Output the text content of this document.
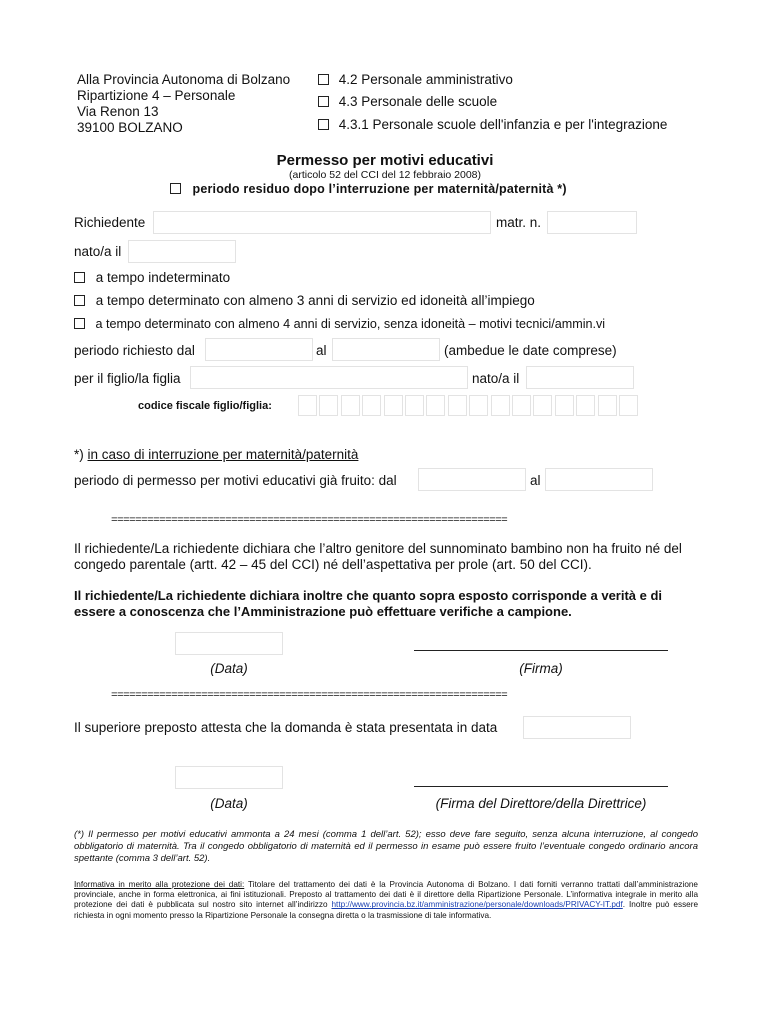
Alla Provincia Autonoma di Bolzano
Ripartizione 4 – Personale
Via Renon 13
39100 BOLZANO
4.2 Personale amministrativo
4.3 Personale delle scuole
4.3.1 Personale scuole dell'infanzia e per l'integrazione
Permesso per motivi educativi
(articolo 52 del CCI del 12 febbraio 2008)
periodo residuo dopo l’interruzione per maternità/paternità *)
Richiedente	matr. n.
nato/a il
a tempo indeterminato
a tempo determinato con almeno 3 anni di servizio ed idoneità all’impiego
a tempo determinato con almeno 4 anni di servizio, senza idoneità – motivi tecnici/ammin.vi
periodo richiesto dal	al	(ambedue le date comprese)
per il figlio/la figlia	nato/a il
codice fiscale figlio/figlia:
*) in caso di interruzione per maternità/paternità
periodo di permesso per motivi educativi già fruito: dal	al
==================================================================
Il richiedente/La richiedente dichiara che l’altro genitore del sunnominato bambino non ha fruito né del congedo parentale (artt. 42 – 45 del CCI) né dell’aspettativa per prole (art. 50 del CCI).
Il richiedente/La richiedente dichiara inoltre che quanto sopra esposto corrisponde a verità e di essere a conoscenza che l’Amministrazione può effettuare verifiche a campione.
(Data)	(Firma)
==================================================================
Il superiore preposto attesta che la domanda è stata presentata in data
(Data)	(Firma del Direttore/della Direttrice)
(*) Il permesso per motivi educativi ammonta a 24 mesi (comma 1 dell’art. 52); esso deve fare seguito, senza alcuna interruzione, al congedo obbligatorio di maternità. Tra il congedo obbligatorio di maternità ed il permesso in esame può essere fruito l’eventuale congedo ordinario ancora spettante (comma 3 dell’art. 52).
Informativa in merito alla protezione dei dati: Titolare del trattamento dei dati è la Provincia Autonoma di Bolzano. I dati forniti verranno trattati dall’amministrazione provinciale, anche in forma elettronica, ai fini istituzionali. Preposto al trattamento dei dati è il direttore della Ripartizione Personale. L’informativa integrale in merito alla protezione dei dati è pubblicata sul nostro sito internet all’indirizzo http://www.provincia.bz.it/amministrazione/personale/downloads/PRIVACY-IT.pdf. Inoltre può essere richiesta in ogni momento presso la Ripartizione Personale la consegna diretta o la trasmissione di tale informativa.
